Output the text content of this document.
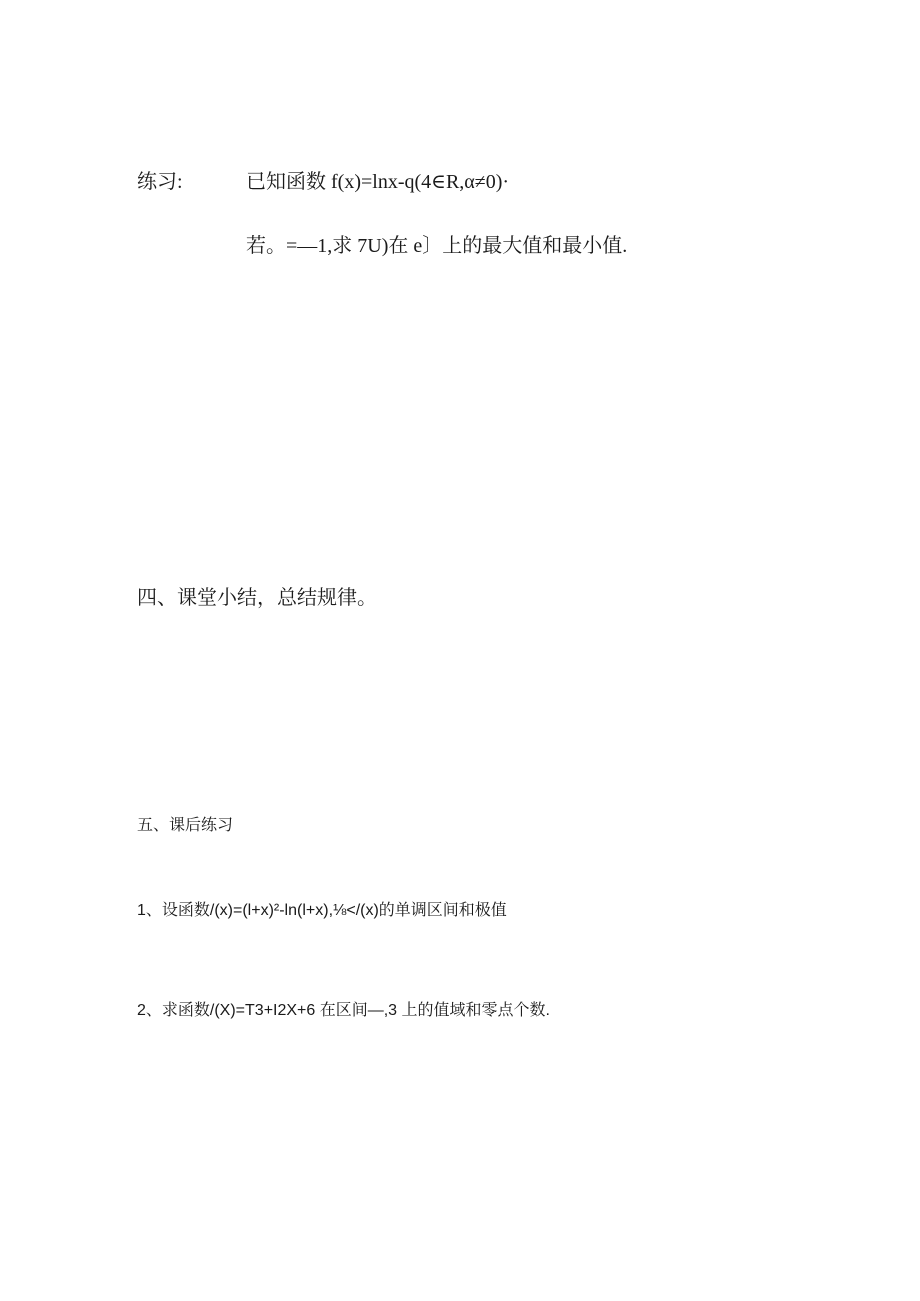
练习:	已知函数 f(x)=lnx-q(4∈R,α≠0)·
若。=—1,求 7U)在 e〕上的最大值和最小值.
四、课堂小结，总结规律。
五、课后练习
1、设函数/(x)=(l+x)²-ln(l+x),⅛</(x)的单调区间和极值
2、求函数/(X)=T3+I2X+6 在区间—,3 上的值域和零点个数.
